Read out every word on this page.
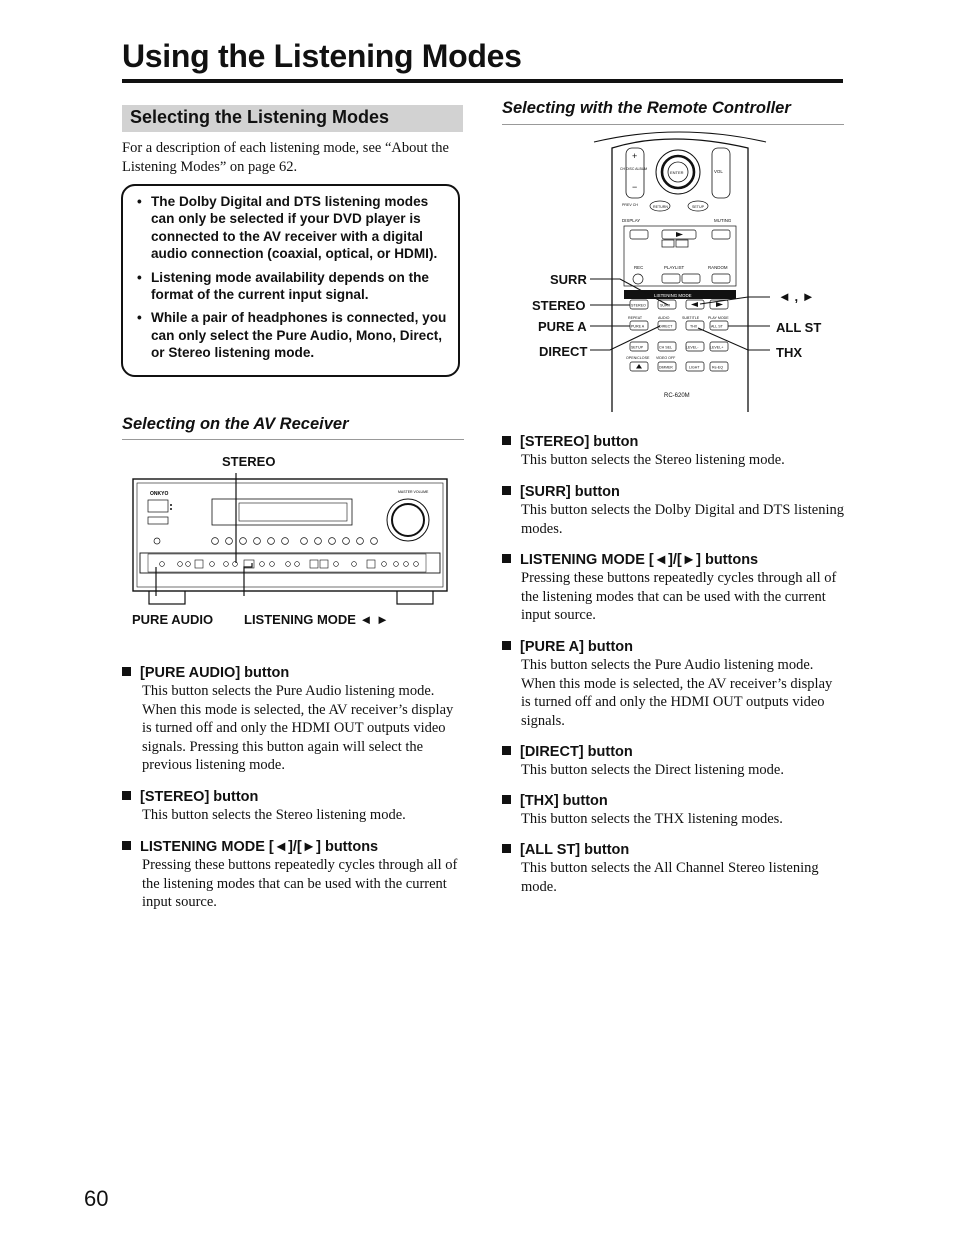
Using the Listening Modes
Selecting the Listening Modes
For a description of each listening mode, see “About the Listening Modes” on page 62.
• The Dolby Digital and DTS listening modes can only be selected if your DVD player is connected to the AV receiver with a digital audio connection (coaxial, optical, or HDMI).
• Listening mode availability depends on the format of the current input signal.
• While a pair of headphones is connected, you can only select the Pure Audio, Mono, Direct, or Stereo listening mode.
Selecting on the AV Receiver
ONKYO	MASTER VOLUME
STEREO
PURE AUDIO LISTENING MODE ◄ ►
[PURE AUDIO] button
This button selects the Pure Audio listening mode. When this mode is selected, the AV receiver’s display is turned off and only the HDMI OUT outputs video signals. Pressing this button again will select the previous listening mode.
[STEREO] button
This button selects the Stereo listening mode.
LISTENING MODE [◄]/[►] buttons
Pressing these buttons repeatedly cycles through all of the listening modes that can be used with the current input source.
Selecting with the Remote Controller
+
−
CH DISC ALBUM	VOL
ENTER
RETURN	SETUP
PREV CH
DISPLAY	MUTING
REC	PLAYLIST	RANDOM
LISTENING MODE
STEREO	SURR
REPEAT	AUDIO	SUBTITLE PLAY MODE
PURE A	DIRECT	THX	ALL ST
SETUP	CH SEL	LEVEL-	LEVEL+
OPEN/CLOSE VIDEO OFF
DIMMER	LIGHT	Re-EQ
RC-620M
SURR
STEREO
PURE A
DIRECT
◄ , ►
ALL ST
THX
[STEREO] button
This button selects the Stereo listening mode.
[SURR] button
This button selects the Dolby Digital and DTS listening modes.
LISTENING MODE [◄]/[►] buttons
Pressing these buttons repeatedly cycles through all of the listening modes that can be used with the current input source.
[PURE A] button
This button selects the Pure Audio listening mode. When this mode is selected, the AV receiver’s display is turned off and only the HDMI OUT outputs video signals.
[DIRECT] button
This button selects the Direct listening mode.
[THX] button
This button selects the THX listening modes.
[ALL ST] button
This button selects the All Channel Stereo listening mode.
60
